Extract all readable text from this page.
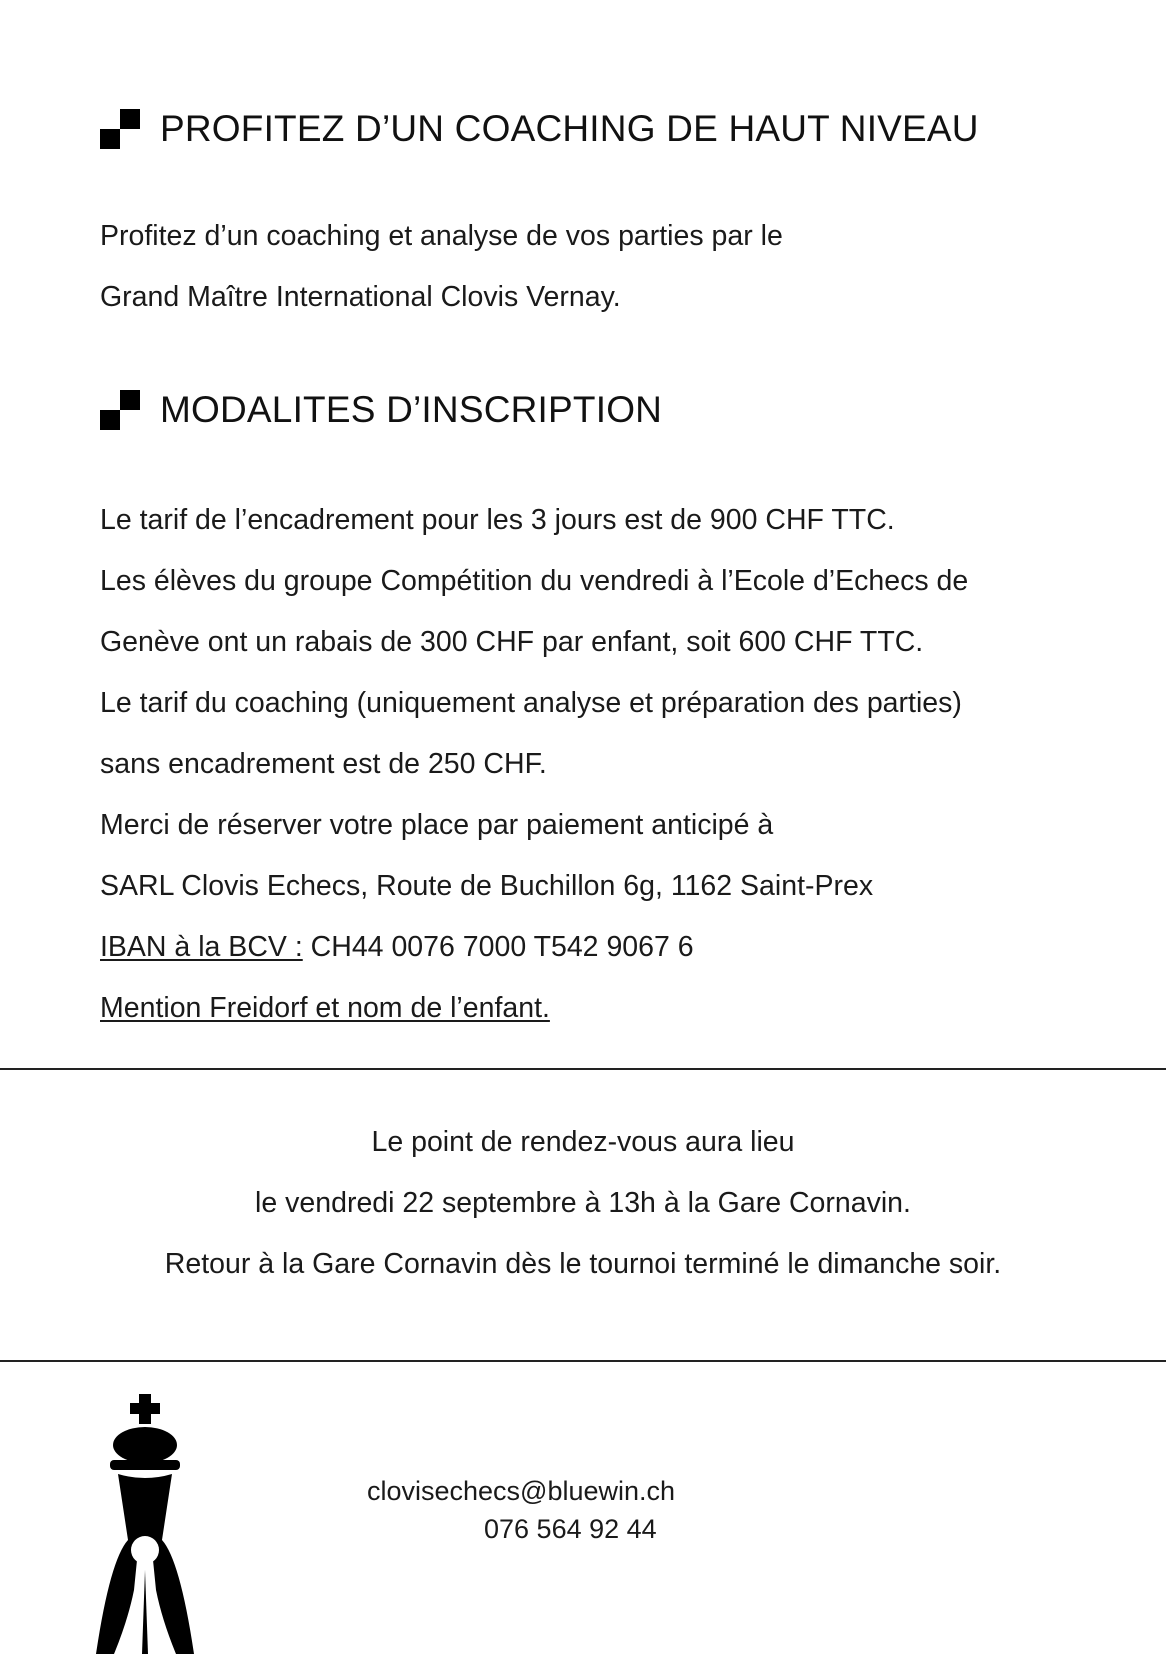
PROFITEZ D’UN COACHING DE HAUT NIVEAU
Profitez d’un coaching et analyse de vos parties par le
Grand Maître International Clovis Vernay.
MODALITES D’INSCRIPTION
Le tarif de l’encadrement pour les 3 jours est de 900 CHF TTC.
Les élèves du groupe Compétition du vendredi à l’Ecole d’Echecs de
Genève ont un rabais de 300 CHF par enfant, soit 600 CHF TTC.
Le tarif du coaching (uniquement analyse et préparation des parties)
sans encadrement est de 250 CHF.
Merci de réserver votre place par paiement anticipé à
SARL Clovis Echecs, Route de Buchillon 6g, 1162 Saint-Prex
IBAN à la BCV : CH44 0076 7000 T542 9067 6
Mention Freidorf et nom de l’enfant.
Le point de rendez-vous aura lieu
le vendredi 22 septembre à 13h à la Gare Cornavin.
Retour à la Gare Cornavin dès le tournoi terminé le dimanche soir.
clovisechecs@bluewin.ch
076 564 92 44
